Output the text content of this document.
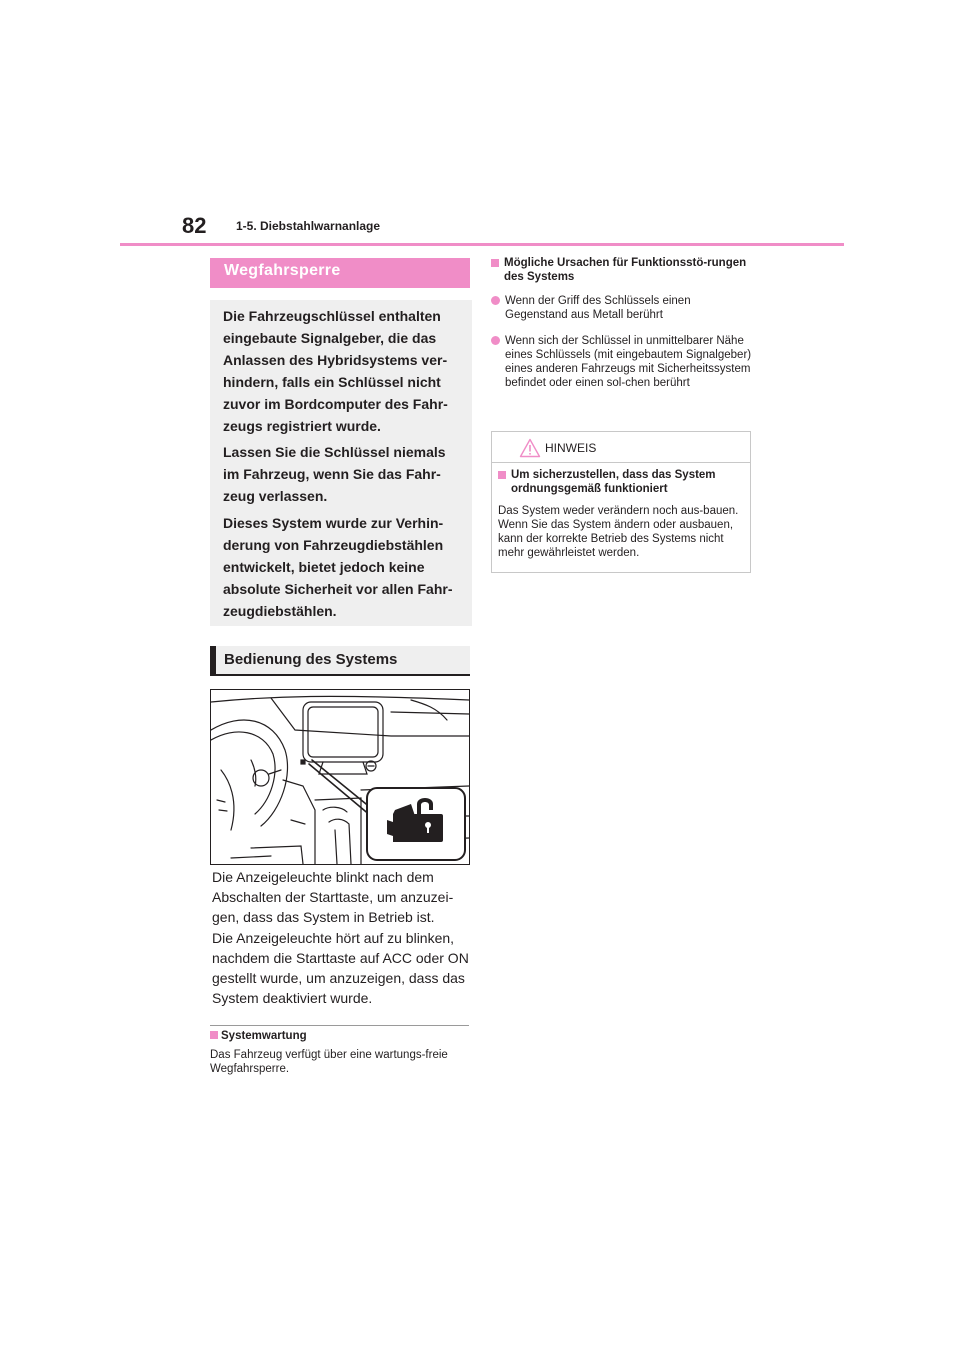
82 1-5. Diebstahlwarnanlage
Wegfahrsperre

Die Fahrzeugschlüssel enthalten

eingebaute Signalgeber, die das

Anlassen des Hybridsystems ver-

hindern, falls ein Schlüssel nicht

zuvor im Bordcomputer des Fahr-

zeugs registriert wurde.

Lassen Sie die Schlüssel niemals

im Fahrzeug, wenn Sie das Fahr-

zeug verlassen.

Dieses System wurde zur Verhin-

derung von Fahrzeugdiebstählen

entwickelt, bietet jedoch keine

absolute Sicherheit vor allen Fahr-

zeugdiebstählen.

Bedienung des Systems

Die Anzeigeleuchte blinkt nach dem Abschalten der Starttaste, um anzuzei-gen, dass das System in Betrieb ist.

Die Anzeigeleuchte hört auf zu blinken, nachdem die Starttaste auf ACC oder ON gestellt wurde, um anzuzeigen, dass das System deaktiviert wurde.

Systemwartung

Das Fahrzeug verfügt über eine wartungs-freie Wegfahrsperre.

Mögliche Ursachen für Funktionsstö-rungen des Systems
Wenn der Griff des Schlüssels einen Gegenstand aus Metall berührt
Wenn sich der Schlüssel in unmittelbarer Nähe eines Schlüssels (mit eingebautem Signalgeber) eines anderen Fahrzeugs mit Sicherheitssystem befindet oder einen sol-chen berührt
HINWEIS
Um sicherzustellen, dass das System ordnungsgemäß funktioniert

Das System weder verändern noch aus-bauen. Wenn Sie das System ändern oder ausbauen, kann der korrekte Betrieb des Systems nicht mehr gewährleistet werden.
